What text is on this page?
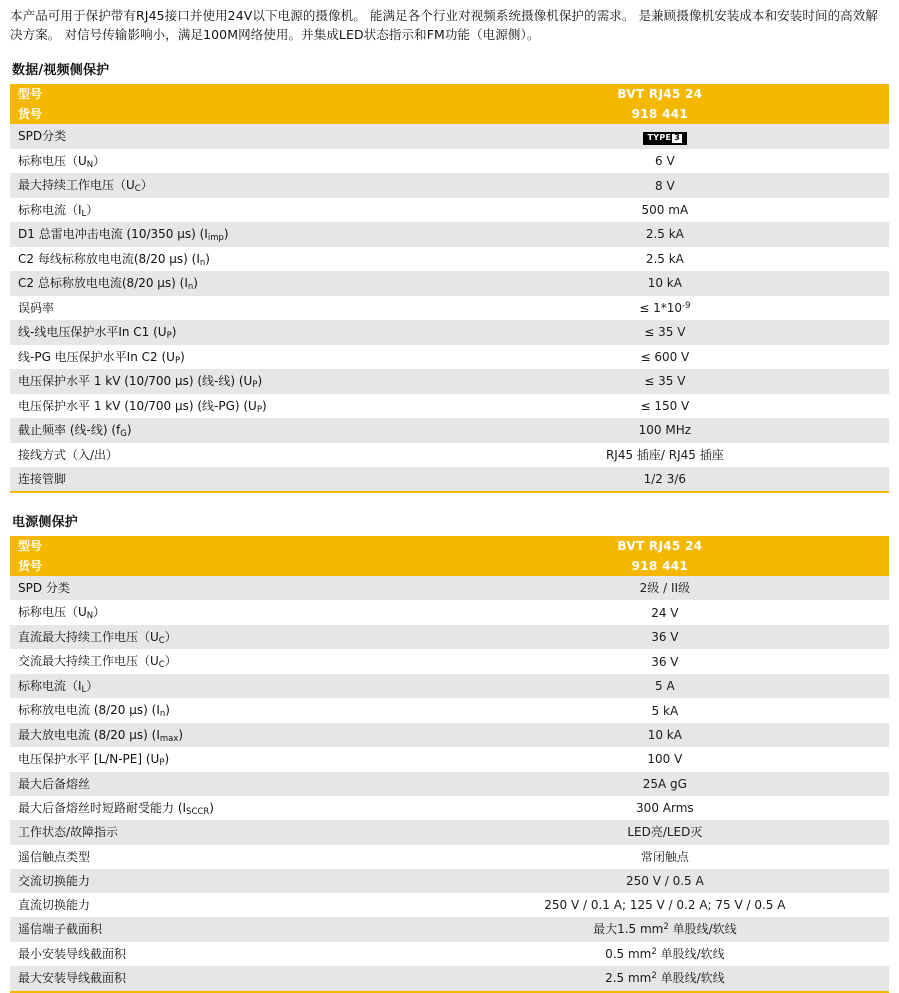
本产品可用于保护带有RJ45接口并使用24V以下电源的摄像机。 能满足各个行业对视频系统摄像机保护的需求。 是兼顾摄像机安装成本和安装时间的高效解决方案。 对信号传输影响小，满足100M网络使用。并集成LED状态指示和FM功能（电源侧）。

数据/视频侧保护
型号	BVT RJ45 24
货号	918 441
SPD分类	TYPE 3
标称电压$(U_N)$	6 V
最大持续工作电压$(U_C)$	8 V
标称电流$(I_L)$	500 mA
D1 总雷电冲击电流 (10/350 µs) $(I_{imp})$	2.5 kA
C2 每线标称放电电流(8/20 µs) $(I_n)$	2.5 kA
C2 总标称放电电流(8/20 µs) $(I_n)$	10 kA
误码率	≤ $1*10^{-9}$
线-线电压保护水平In C1 $(U_P)$	≤ 35 V
线-PG 电压保护水平In C2 $(U_P)$	≤ 600 V
电压保护水平 1 kV (10/700 µs) (线-线) $(U_P)$	≤ 35 V
电压保护水平 1 kV (10/700 µs) (线-PG) $(U_P)$	≤ 150 V
截止频率 (线-线) $(f_G)$	100 MHz
接线方式（入/出）	RJ45 插座/ RJ45 插座
连接管脚	1/2 3/6
电源侧保护
型号	BVT RJ45 24
货号	918 441
SPD 分类	2级 / II级
标称电压$(U_N)$	24 V
直流最大持续工作电压$(U_C)$	36 V
交流最大持续工作电压$(U_C)$	36 V
标称电流$(I_L)$	5 A
标称放电电流 (8/20 µs) $(I_n)$	5 kA
最大放电电流 (8/20 µs) $(I_{max})$	10 kA
电压保护水平 [L/N-PE] $(U_P)$	100 V
最大后备熔丝	25A gG
最大后备熔丝时短路耐受能力 $(I_{SCCR})$	300 Arms
工作状态/故障指示	LED亮/LED灭
遥信触点类型	常闭触点
交流切换能力	250 V / 0.5 A
直流切换能力	250 V / 0.1 A; 125 V / 0.2 A; 75 V / 0.5 A
遥信端子截面积	最大1.5 $mm^2$ 单股线/软线
最小安装导线截面积	0.5 $mm^2$ 单股线/软线
最大安装导线截面积	2.5 $mm^2$ 单股线/软线
